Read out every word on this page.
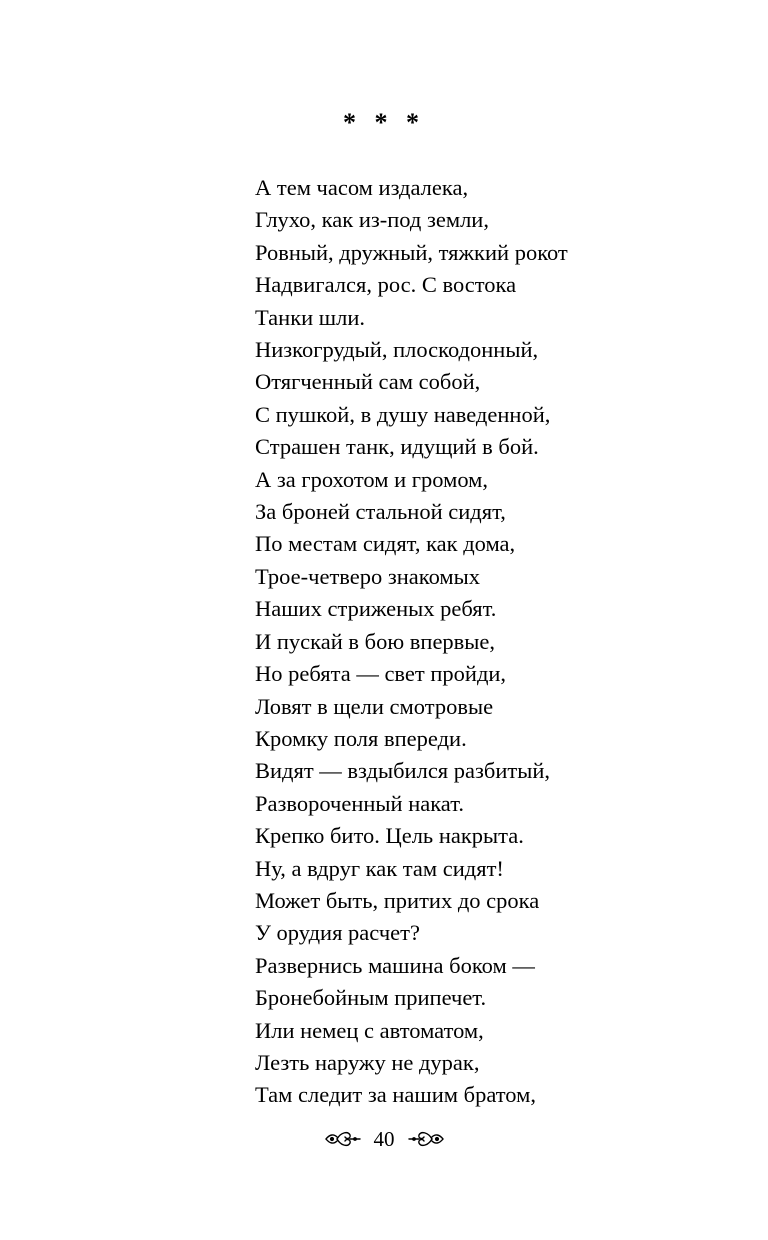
* * *
А тем часом издалека,
Глухо, как из-под земли,
Ровный, дружный, тяжкий рокот
Надвигался, рос. С востока
Танки шли.
Низкогрудый, плоскодонный,
Отягченный сам собой,
С пушкой, в душу наведенной,
Страшен танк, идущий в бой.
А за грохотом и громом,
За броней стальной сидят,
По местам сидят, как дома,
Трое-четверо знакомых
Наших стриженых ребят.
И пускай в бою впервые,
Но ребята — свет пройди,
Ловят в щели смотровые
Кромку поля впереди.
Видят — вздыбился разбитый,
Развороченный накат.
Крепко бито. Цель накрыта.
Ну, а вдруг как там сидят!
Может быть, притих до срока
У орудия расчет?
Развернись машина боком —
Бронебойным припечет.
Или немец с автоматом,
Лезть наружу не дурак,
Там следит за нашим братом,
40
